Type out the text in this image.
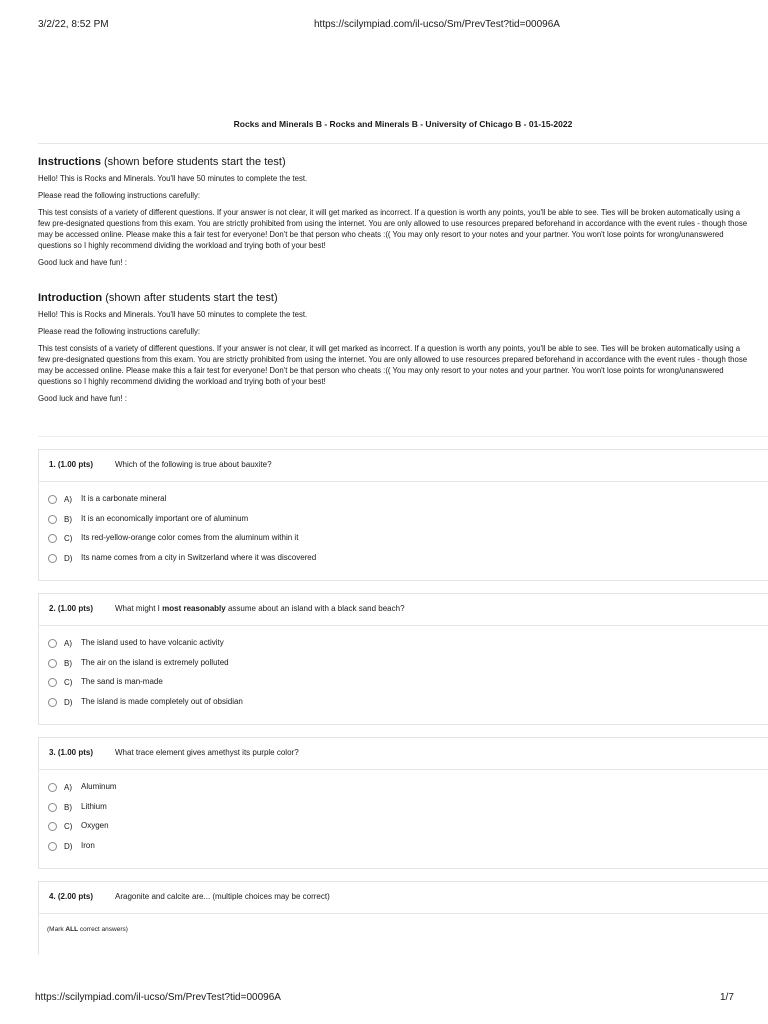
3/2/22, 8:52 PM	https://scilympiad.com/il-ucso/Sm/PrevTest?tid=00096A
Rocks and Minerals B - Rocks and Minerals B - University of Chicago B - 01-15-2022
Instructions (shown before students start the test)
Hello! This is Rocks and Minerals. You'll have 50 minutes to complete the test.
Please read the following instructions carefully:
This test consists of a variety of different questions. If your answer is not clear, it will get marked as incorrect. If a question is worth any points, you'll be able to see. Ties will be broken automatically using a few pre-designated questions from this exam. You are strictly prohibited from using the internet. You are only allowed to use resources prepared beforehand in accordance with the event rules - though those may be accessed online. Please make this a fair test for everyone! Don't be that person who cheats :(( You may only resort to your notes and your partner. You won't lose points for wrong/unanswered questions so I highly recommend dividing the workload and trying both of your best!
Good luck and have fun! :
Introduction (shown after students start the test)
Hello! This is Rocks and Minerals. You'll have 50 minutes to complete the test.
Please read the following instructions carefully:
This test consists of a variety of different questions. If your answer is not clear, it will get marked as incorrect. If a question is worth any points, you'll be able to see. Ties will be broken automatically using a few pre-designated questions from this exam. You are strictly prohibited from using the internet. You are only allowed to use resources prepared beforehand in accordance with the event rules - though those may be accessed online. Please make this a fair test for everyone! Don't be that person who cheats :(( You may only resort to your notes and your partner. You won't lose points for wrong/unanswered questions so I highly recommend dividing the workload and trying both of your best!
Good luck and have fun! :
1. (1.00 pts)	Which of the following is true about bauxite?
A) It is a carbonate mineral
B) It is an economically important ore of aluminum
C) Its red-yellow-orange color comes from the aluminum within it
D) Its name comes from a city in Switzerland where it was discovered
2. (1.00 pts)	What might I most reasonably assume about an island with a black sand beach?
A) The island used to have volcanic activity
B) The air on the island is extremely polluted
C) The sand is man-made
D) The island is made completely out of obsidian
3. (1.00 pts)	What trace element gives amethyst its purple color?
A) Aluminum
B) Lithium
C) Oxygen
D) Iron
4. (2.00 pts)	Aragonite and calcite are... (multiple choices may be correct)
(Mark ALL correct answers)
https://scilympiad.com/il-ucso/Sm/PrevTest?tid=00096A	1/7
